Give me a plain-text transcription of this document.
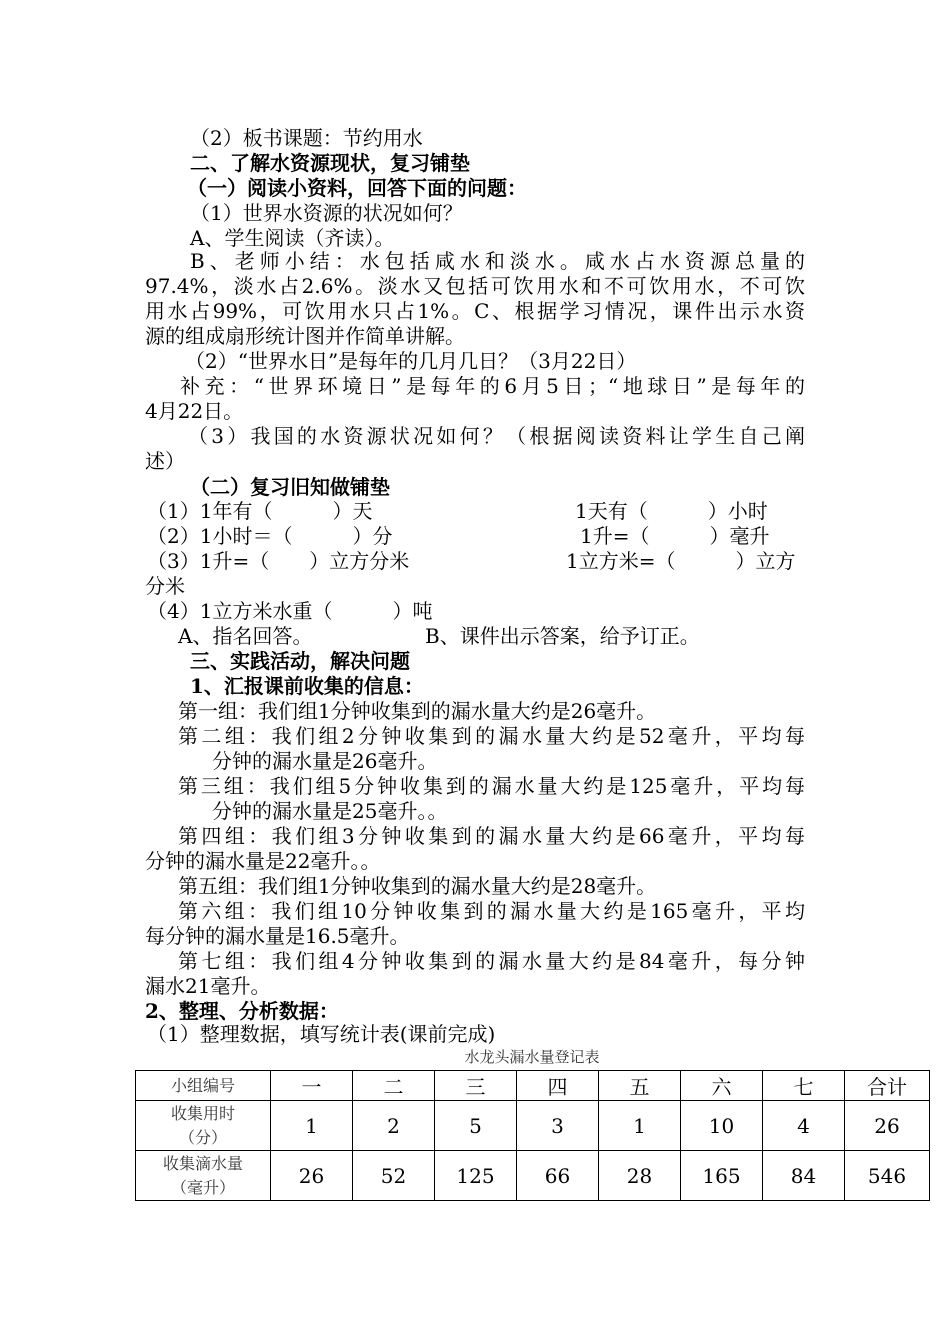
（2）板书课题：节约用水
二、了解水资源现状，复习铺垫
（一）阅读小资料，回答下面的问题：
（1）世界水资源的状况如何？
A、学生阅读（齐读）。
B、老师小结：水包括咸水和淡水。咸水占水资源总量的
97.4%，淡水占2.6%。淡水又包括可饮用水和不可饮用水，不可饮
用水占99%，可饮用水只占1%。C、根据学习情况，课件出示水资
源的组成扇形统计图并作简单讲解。
（2）“世界水日”是每年的几月几日？（3月22日）
补充：“世界环境日”是每年的6月5日；“地球日”是每年的
4月22日。
（3）我国的水资源状况如何？（根据阅读资料让学生自己阐
述）
（二）复习旧知做铺垫
（1）1年有（　　　）天	1天有（　　　）小时
（2）1小时＝（　　　）分	1升=（　　　）毫升
（3）1升=（　　）立方分米	1立方米=（　　　）立方
分米
（4）1立方米水重（　　　）吨
A、指名回答。	B、课件出示答案，给予订正。
三、实践活动，解决问题
1、汇报课前收集的信息：
第一组：我们组1分钟收集到的漏水量大约是26毫升。
第二组：我们组2分钟收集到的漏水量大约是52毫升，平均每
分钟的漏水量是26毫升。
第三组：我们组5分钟收集到的漏水量大约是125毫升，平均每
分钟的漏水量是25毫升。。
第四组：我们组3分钟收集到的漏水量大约是66毫升，平均每
分钟的漏水量是22毫升。。
第五组：我们组1分钟收集到的漏水量大约是28毫升。
第六组：我们组10分钟收集到的漏水量大约是165毫升，平均
每分钟的漏水量是16.5毫升。
第七组：我们组4分钟收集到的漏水量大约是84毫升，每分钟
漏水21毫升。
2、整理、分析数据：
（1）整理数据，填写统计表(课前完成)
水龙头漏水量登记表
小组编号	一	二	三	四	五	六	七	合计

收集用时
（分）	1	2	5	3	1	10	4	26

收集滴水量
（毫升）	26	52	125	66	28	165	84	546
